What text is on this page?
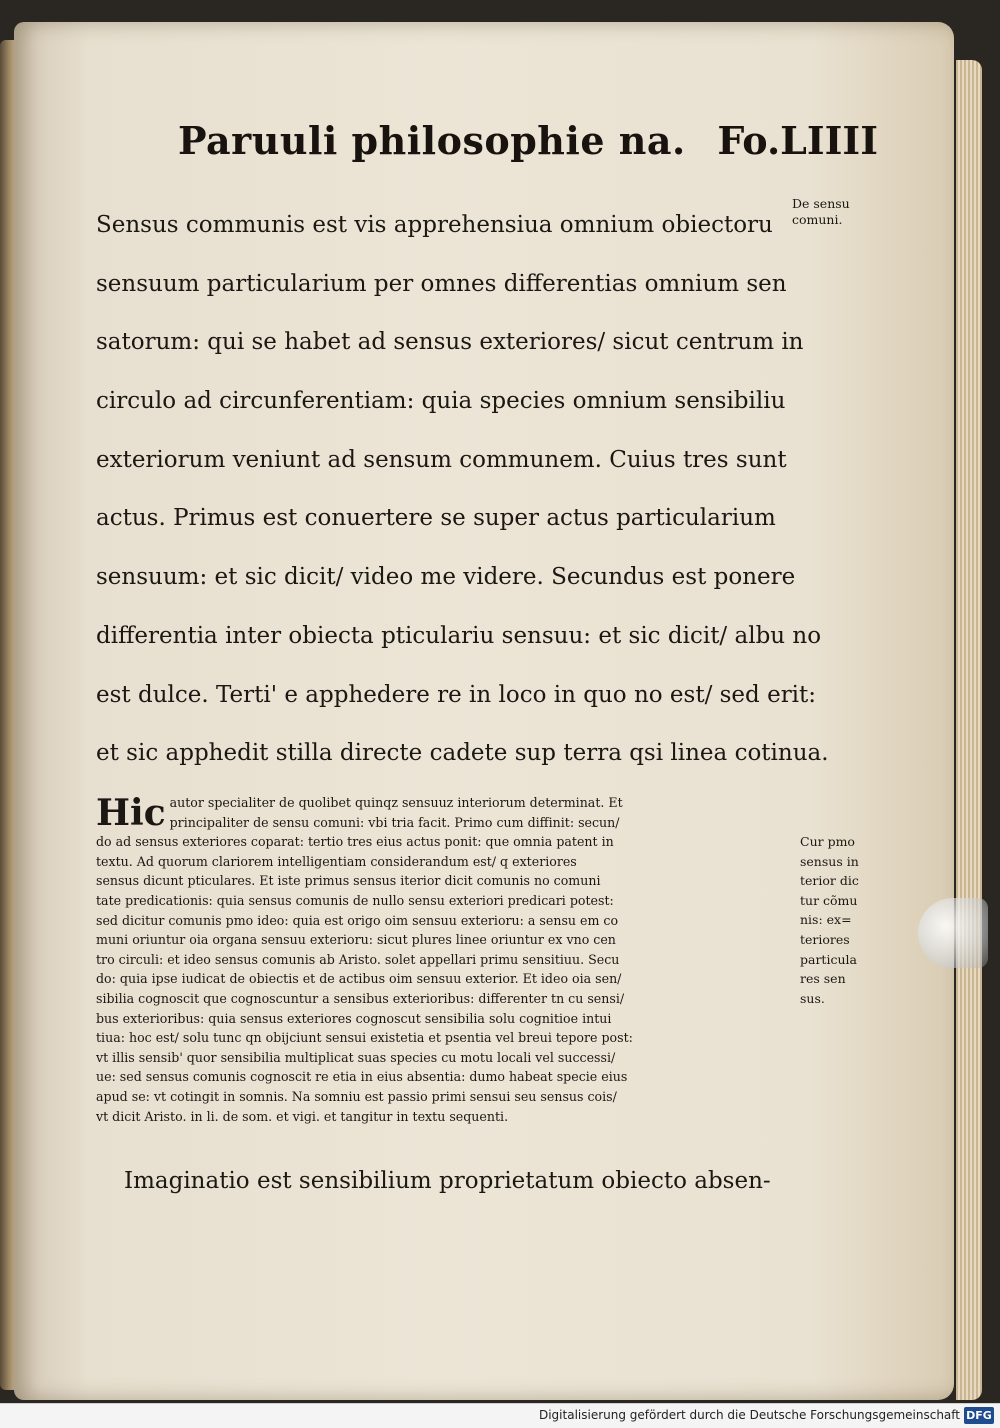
Paruuli philosophie na. Fo.LIIII
De sensu
comuni.
Sensus communis est vis apprehensiua omnium obiectoru
sensuum particularium per omnes differentias omnium sen
satorum: qui se habet ad sensus exteriores/ sicut centrum in
circulo ad circunferentiam: quia species omnium sensibiliu
exteriorum veniunt ad sensum communem. Cuius tres sunt
actus. Primus est conuertere se super actus particularium
sensuum: et sic dicit/ video me videre. Secundus est ponere
differentia inter obiecta pticulariu sensuu: et sic dicit/ albu no
est dulce. Terti' e apphedere re in loco in quo no est/ sed erit:
et sic apphedit stilla directe cadete sup terra qsi linea cotinua.
Hic autor specialiter de quolibet quinqz sensuuz interiorum determinat. Et
principaliter de sensu comuni: vbi tria facit. Primo cum diffinit: secun/
do ad sensus exteriores coparat: tertio tres eius actus ponit: que omnia patent in
textu. Ad quorum clariorem intelligentiam considerandum est/ q exteriores
sensus dicunt pticulares. Et iste primus sensus iterior dicit comunis no comuni
tate predicationis: quia sensus comunis de nullo sensu exteriori predicari potest:
sed dicitur comunis pmo ideo: quia est origo oim sensuu exterioru: a sensu em co
muni oriuntur oia organa sensuu exterioru: sicut plures linee oriuntur ex vno cen
tro circuli: et ideo sensus comunis ab Aristo. solet appellari primu sensitiuu. Secu
do: quia ipse iudicat de obiectis et de actibus oim sensuu exterior. Et ideo oia sen/
sibilia cognoscit que cognoscuntur a sensibus exterioribus: differenter tn cu sensi/
bus exterioribus: quia sensus exteriores cognoscut sensibilia solu cognitioe intui
tiua: hoc est/ solu tunc qn obijciunt sensui existetia et psentia vel breui tepore post:
vt illis sensib' quor sensibilia multiplicat suas species cu motu locali vel successi/
ue: sed sensus comunis cognoscit re etia in eius absentia: dumo habeat specie eius
apud se: vt cotingit in somnis. Na somniu est passio primi sensui seu sensus cois/
vt dicit Aristo. in li. de som. et vigi. et tangitur in textu sequenti.
Cur pmo
sensus in
terior dic
tur cõmu
nis: ex=
teriores
particula
res sen
sus.
Imaginatio est sensibilium proprietatum obiecto absen-
Digitalisierung gefördert durch die Deutsche Forschungsgemeinschaft DFG
